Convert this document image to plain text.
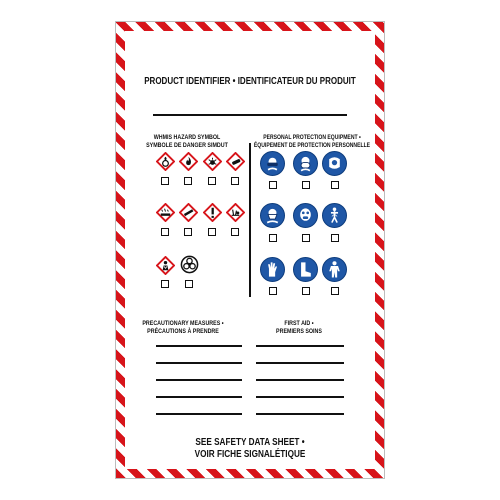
PRODUCT IDENTIFIER • IDENTIFICATEUR DU PRODUIT
WHMIS HAZARD SYMBOL
SYMBOLE DE DANGER SIMDUT
PERSONAL PROTECTION EQUIPMENT •
ÉQUIPEMENT DE PROTECTION PERSONNELLE
PRECAUTIONARY MEASURES •
PRÉCAUTIONS À PRENDRE
FIRST AID •
PREMIERS SOINS
SEE SAFETY DATA SHEET •
VOIR FICHE SIGNALÉTIQUE
